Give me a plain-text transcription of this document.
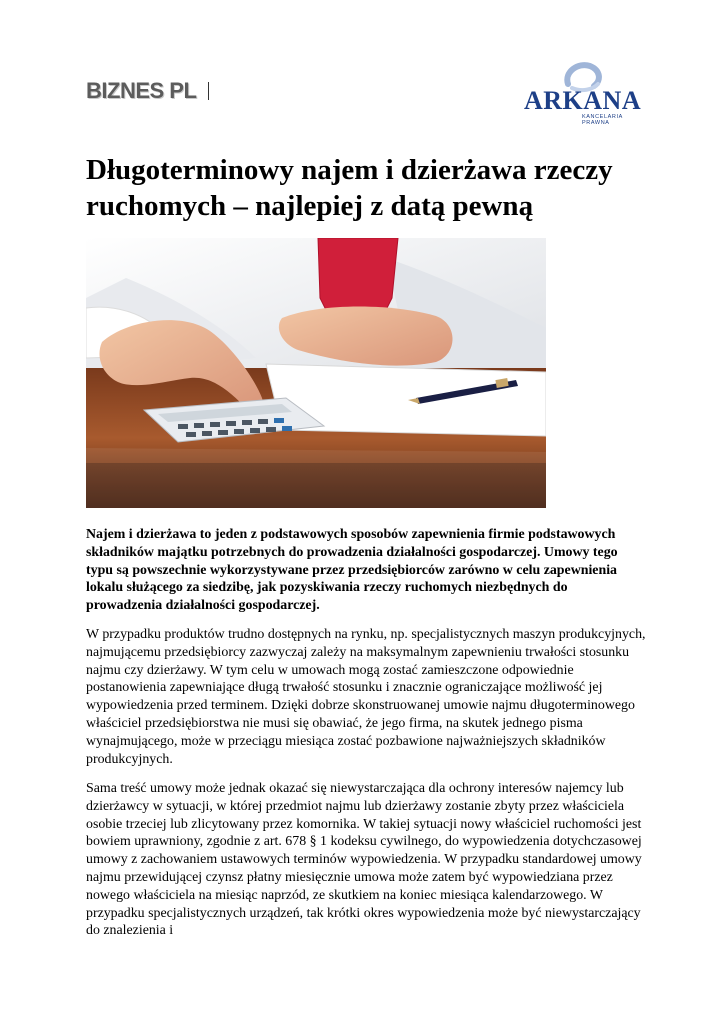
BIZNES PL	ARKANA
KANCELARIA PRAWNA
Długoterminowy najem i dzierżawa rzeczy ruchomych – najlepiej z datą pewną

Najem i dzierżawa to jeden z podstawowych sposobów zapewnienia firmie podstawowych składników majątku potrzebnych do prowadzenia działalności gospodarczej. Umowy tego typu są powszechnie wykorzystywane przez przedsiębiorców zarówno w celu zapewnienia lokalu służącego za siedzibę, jak pozyskiwania rzeczy ruchomych niezbędnych do prowadzenia działalności gospodarczej.

W przypadku produktów trudno dostępnych na rynku, np. specjalistycznych maszyn produkcyjnych, najmującemu przedsiębiorcy zazwyczaj zależy na maksymalnym zapewnieniu trwałości stosunku najmu czy dzierżawy. W tym celu w umowach mogą zostać zamieszczone odpowiednie postanowienia zapewniające długą trwałość stosunku i znacznie ograniczające możliwość jej wypowiedzenia przed terminem. Dzięki dobrze skonstruowanej umowie najmu długoterminowego właściciel przedsiębiorstwa nie musi się obawiać, że jego firma, na skutek jednego pisma wynajmującego, może w przeciągu miesiąca zostać pozbawione najważniejszych składników produkcyjnych.

Sama treść umowy może jednak okazać się niewystarczająca dla ochrony interesów najemcy lub dzierżawcy w sytuacji, w której przedmiot najmu lub dzierżawy zostanie zbyty przez właściciela osobie trzeciej lub zlicytowany przez komornika. W takiej sytuacji nowy właściciel ruchomości jest bowiem uprawniony, zgodnie z art. 678 § 1 kodeksu cywilnego, do wypowiedzenia dotychczasowej umowy z zachowaniem ustawowych terminów wypowiedzenia. W przypadku standardowej umowy najmu przewidującej czynsz płatny miesięcznie umowa może zatem być wypowiedziana przez nowego właściciela na miesiąc naprzód, ze skutkiem na koniec miesiąca kalendarzowego. W przypadku specjalistycznych urządzeń, tak krótki okres wypowiedzenia może być niewystarczający do znalezienia i
